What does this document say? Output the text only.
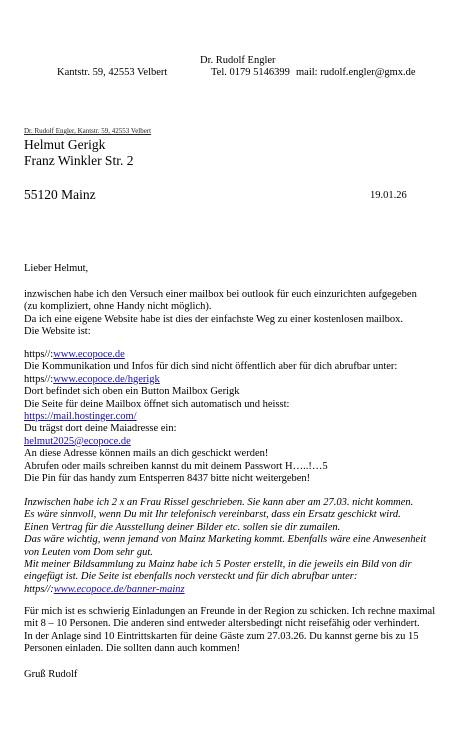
Dr. Rudolf Engler
Kantstr. 59, 42553 Velbert	Tel. 0179 5146399 mail: rudolf.engler@gmx.de
Dr. Rudolf Engler, Kantstr. 59, 42553 Velbert
Helmut Gerigk
Franz Winkler Str. 2
55120 Mainz	19.01.26
Lieber Helmut,
inzwischen habe ich den Versuch einer mailbox bei outlook für euch einzurichten aufgegeben
(zu kompliziert, ohne Handy nicht möglich).
Da ich eine eigene Website habe ist dies der einfachste Weg zu einer kostenlosen mailbox.
Die Website ist:
https//:www.ecopoce.de
Die Kommunikation und Infos für dich sind nicht öffentlich aber für dich abrufbar unter:
https//:www.ecopoce.de/hgerigk
Dort befindet sich oben ein Button Mailbox Gerigk
Die Seite für deine Mailbox öffnet sich automatisch und heisst:
https://mail.hostinger.com/
Du trägst dort deine Maiadresse ein:
helmut2025@ecopoce.de
An diese Adresse können mails an dich geschickt werden!
Abrufen oder mails schreiben kannst du mit deinem Passwort H…..!…5
Die Pin für das handy zum Entsperren 8437 bitte nicht weitergeben!
Inzwischen habe ich 2 x an Frau Rissel geschrieben. Sie kann aber am 27.03. nicht kommen.
Es wäre sinnvoll, wenn Du mit Ihr telefonisch vereinbarst, dass ein Ersatz geschickt wird.
Einen Vertrag für die Ausstellung deiner Bilder etc. sollen sie dir zumailen.
Das wäre wichtig, wenn jemand von Mainz Marketing kommt. Ebenfalls wäre eine Anwesenheit
von Leuten vom Dom sehr gut.
Mit meiner Bildsammlung zu Mainz habe ich 5 Poster erstellt, in die jeweils ein Bild von dir
eingefügt ist. Die Seite ist ebenfalls noch versteckt und für dich abrufbar unter:
https//:www.ecopoce.de/banner-mainz
Für mich ist es schwierig Einladungen an Freunde in der Region zu schicken. Ich rechne maximal
mit 8 – 10 Personen. Die anderen sind entweder altersbedingt nicht reisefähig oder verhindert.
In der Anlage sind 10 Eintrittskarten für deine Gäste zum 27.03.26. Du kannst gerne bis zu 15
Personen einladen. Die sollten dann auch kommen!
Gruß Rudolf
